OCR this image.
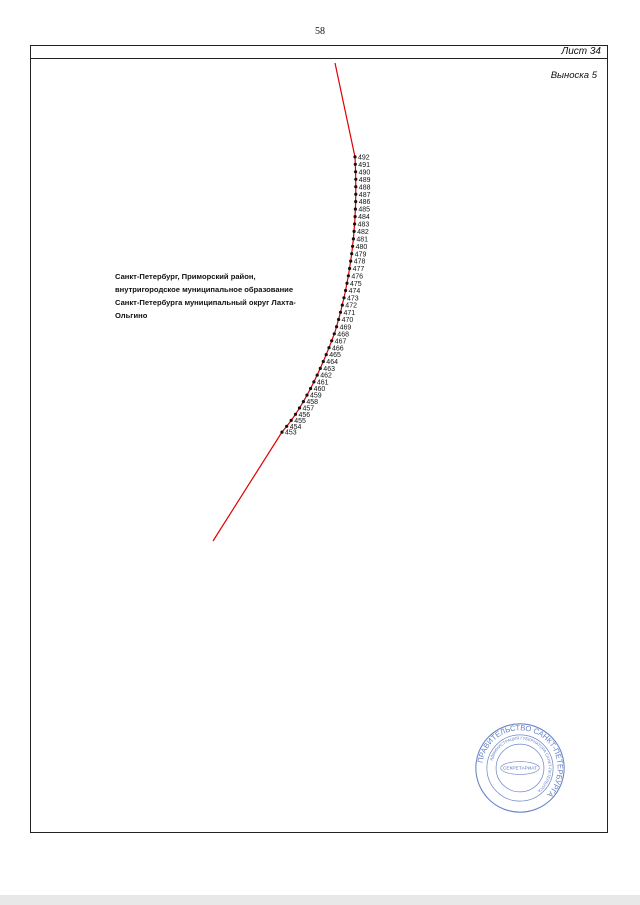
58
Лист 34
Выноска 5
492
491
490
489
488
487
486
485
484
483
482
481
480
479
478
477
476
475
474
473
472
471
470
469
468
467
466
465
464
463
462
461
460
459
458
457
456
455
454
453
Санкт-Петербург, Приморский район,
внутригородское муниципальное образование
Санкт-Петербурга муниципальный округ Лахта-
Ольгино
ПРАВИТЕЛЬСТВО САНКТ-ПЕТЕРБУРГА
АДМИНИСТРАЦИЯ ГУБЕРНАТОРА САНКТ-ПЕТЕРБУРГА
СЕКРЕТАРИАТ
